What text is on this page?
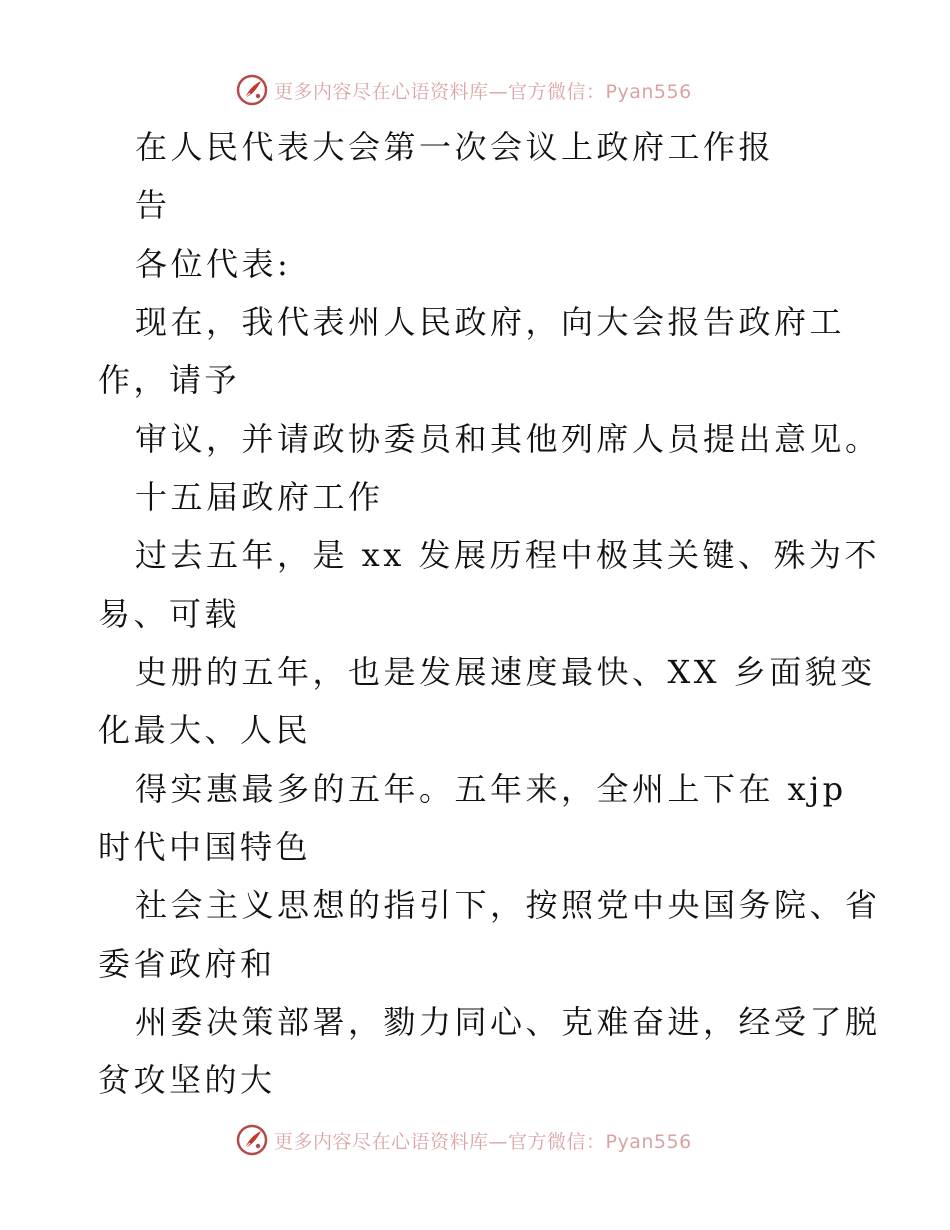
更多内容尽在心语资料库—官方微信：Pyan556

在人民代表大会第一次会议上政府工作报

告

各位代表:

现在，我代表州人民政府，向大会报告政府工

作，请予

审议，并请政协委员和其他列席人员提出意见。

十五届政府工作

过去五年，是 xx 发展历程中极其关键、殊为不

易、可载

史册的五年，也是发展速度最快、XX 乡面貌变

化最大、人民

得实惠最多的五年。五年来，全州上下在 xjp

时代中国特色

社会主义思想的指引下，按照党中央国务院、省

委省政府和

州委决策部署，勠力同心、克难奋进，经受了脱

贫攻坚的大

更多内容尽在心语资料库—官方微信：Pyan556
